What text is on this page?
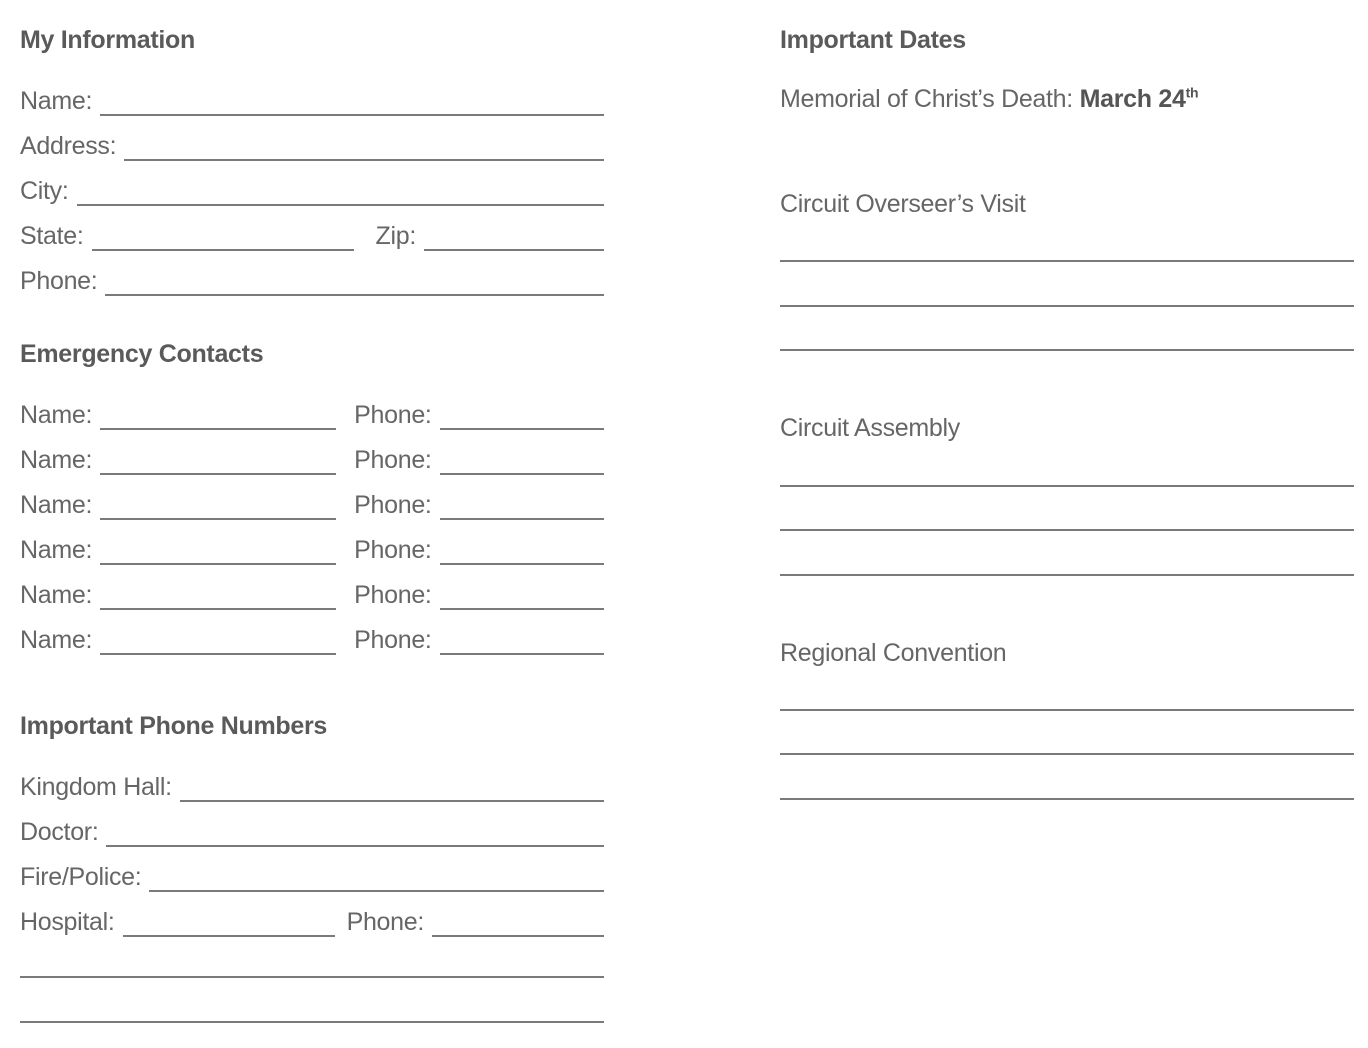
My Information
Name:
Address:
City:
State:	Zip:
Phone:
Emergency Contacts
Name:	Phone:
Name:	Phone:
Name:	Phone:
Name:	Phone:
Name:	Phone:
Name:	Phone:
Important Phone Numbers
Kingdom Hall:
Doctor:
Fire/Police:
Hospital:	Phone:
Important Dates
Memorial of Christ’s Death: March 24th
Circuit Overseer’s Visit
Circuit Assembly
Regional Convention
